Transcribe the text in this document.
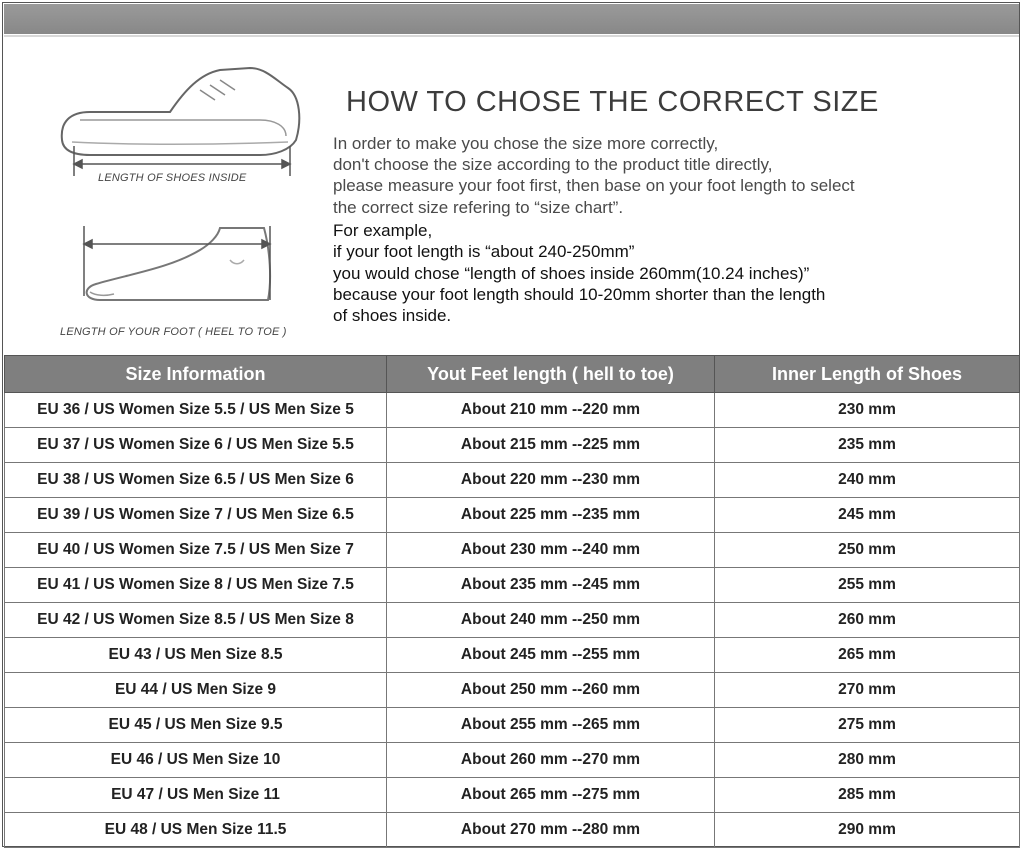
LENGTH OF SHOES INSIDE
LENGTH OF YOUR FOOT ( HEEL TO TOE )
HOW TO CHOSE THE CORRECT SIZE

In order to make you chose the size more correctly,

don't choose the size according to the product title directly,

please measure your foot first, then base on your foot length to select

the correct size refering to “size chart”.

For example,

if your foot length is “about 240-250mm”

you would chose “length of shoes inside 260mm(10.24 inches)”

because your foot length should 10-20mm shorter than the length

of shoes inside.

Size Information	Yout Feet length ( hell to toe)	Inner Length of Shoes
EU 36 / US Women Size 5.5 / US Men Size 5	About 210 mm --220 mm	230 mm
EU 37 / US Women Size 6 / US Men Size 5.5	About 215 mm --225 mm	235 mm
EU 38 / US Women Size 6.5 / US Men Size 6	About 220 mm --230 mm	240 mm
EU 39 / US Women Size 7 / US Men Size 6.5	About 225 mm --235 mm	245 mm
EU 40 / US Women Size 7.5 / US Men Size 7	About 230 mm --240 mm	250 mm
EU 41 / US Women Size 8 / US Men Size 7.5	About 235 mm --245 mm	255 mm
EU 42 / US Women Size 8.5 / US Men Size 8	About 240 mm --250 mm	260 mm
EU 43 / US Men Size 8.5	About 245 mm --255 mm	265 mm
EU 44 / US Men Size 9	About 250 mm --260 mm	270 mm
EU 45 / US Men Size 9.5	About 255 mm --265 mm	275 mm
EU 46 / US Men Size 10	About 260 mm --270 mm	280 mm
EU 47 / US Men Size 11	About 265 mm --275 mm	285 mm
EU 48 / US Men Size 11.5	About 270 mm --280 mm	290 mm
